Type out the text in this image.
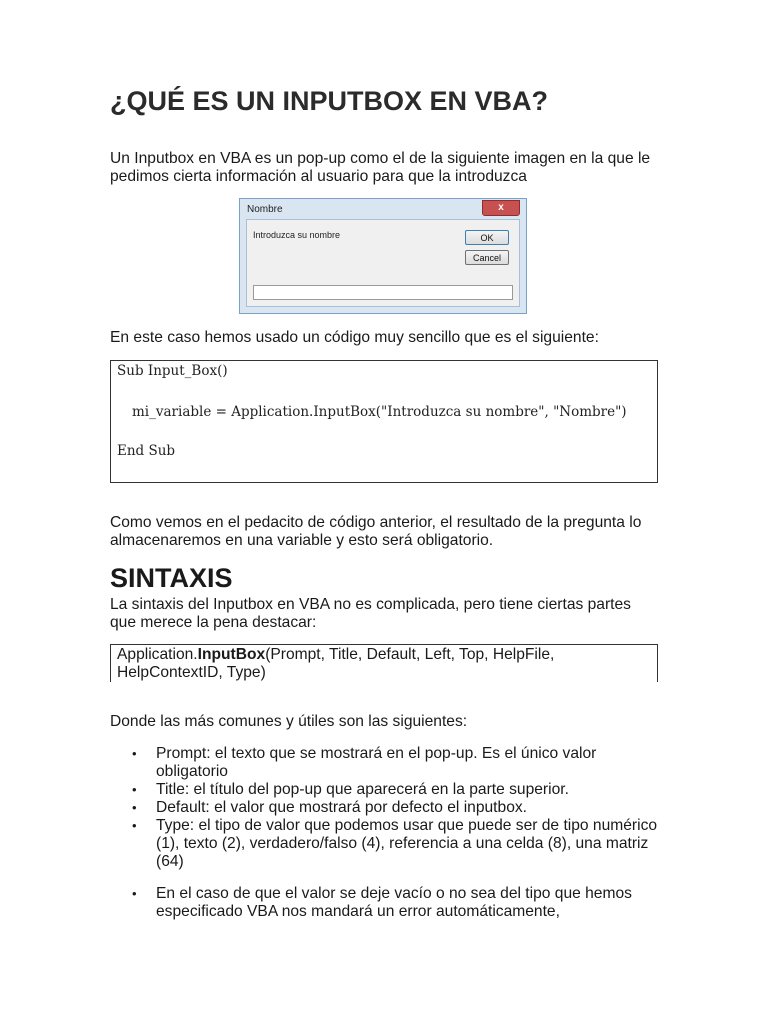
¿QUÉ ES UN INPUTBOX EN VBA?

Un Inputbox en VBA es un pop-up como el de la siguiente imagen en la que le pedimos cierta información al usuario para que la introduzca

Nombre	x
Introduzca su nombre	OK
Cancel

En este caso hemos usado un código muy sencillo que es el siguiente:

Sub Input_Box()
mi_variable = Application.InputBox("Introduzca su nombre", "Nombre")
End Sub

Como vemos en el pedacito de código anterior, el resultado de la pregunta lo almacenaremos en una variable y esto será obligatorio.

SINTAXIS

La sintaxis del Inputbox en VBA no es complicada, pero tiene ciertas partes que merece la pena destacar:

Application.InputBox(Prompt, Title, Default, Left, Top, HelpFile, HelpContextID, Type)

Donde las más comunes y útiles son las siguientes:

• Prompt: el texto que se mostrará en el pop-up. Es el único valor obligatorio
• Title: el título del pop-up que aparecerá en la parte superior.
• Default: el valor que mostrará por defecto el inputbox.
• Type: el tipo de valor que podemos usar que puede ser de tipo numérico (1), texto (2), verdadero/falso (4), referencia a una celda (8), una matriz (64)
• En el caso de que el valor se deje vacío o no sea del tipo que hemos especificado VBA nos mandará un error automáticamente,
